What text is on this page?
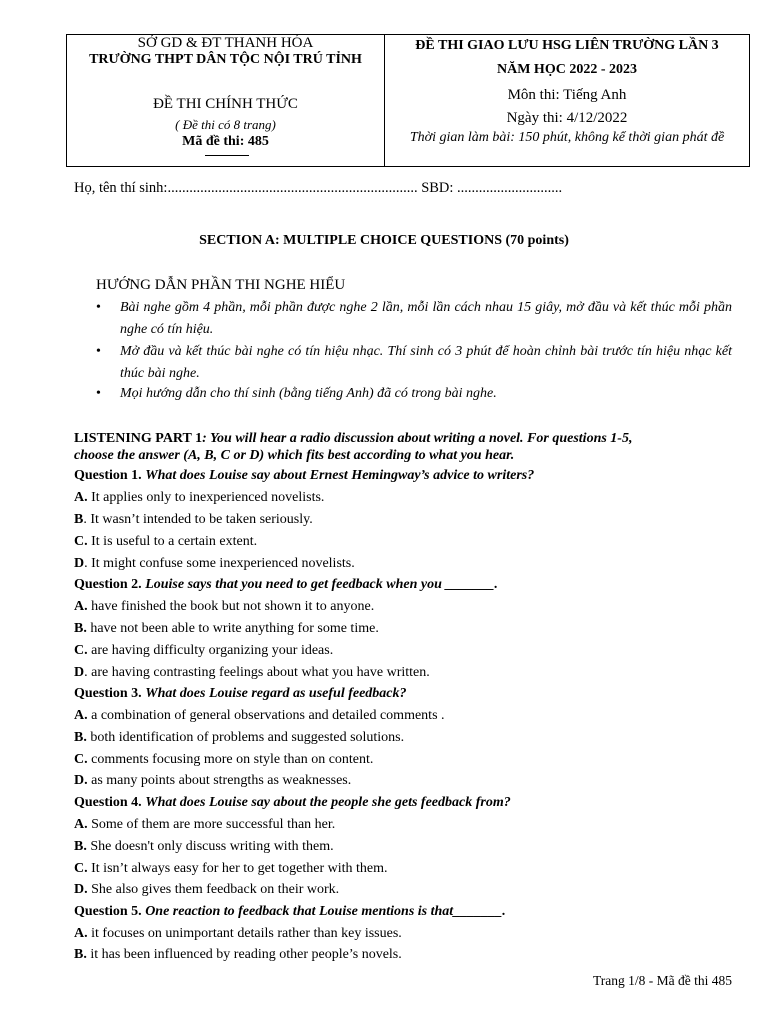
SỞ GD & ĐT THANH HÓA
TRƯỜNG THPT DÂN TỘC NỘI TRÚ TỈNH
ĐỀ THI CHÍNH THỨC
( Đề thi có 8 trang)
Mã đề thi: 485
ĐỀ THI GIAO LƯU HSG LIÊN TRƯỜNG LẦN 3
NĂM HỌC 2022 - 2023
Môn thi: Tiếng Anh
Ngày thi: 4/12/2022
Thời gian làm bài: 150 phút, không kể thời gian phát đề
Họ, tên thí sinh:..................................................................... SBD: .............................
SECTION A: MULTIPLE CHOICE QUESTIONS (70 points)
HƯỚNG DẪN PHẦN THI NGHE HIỂU
•	Bài nghe gồm 4 phần, mỗi phần được nghe 2 lần, mỗi lần cách nhau 15 giây, mở đầu và kết thúc mỗi phần nghe có tín hiệu.
•	Mở đầu và kết thúc bài nghe có tín hiệu nhạc. Thí sinh có 3 phút để hoàn chỉnh bài trước tín hiệu nhạc kết thúc bài nghe.
•	Mọi hướng dẫn cho thí sinh (bằng tiếng Anh) đã có trong bài nghe.
LISTENING PART 1: You will hear a radio discussion about writing a novel. For questions 1-5,
choose the answer (A, B, C or D) which fits best according to what you hear.
Question 1. What does Louise say about Ernest Hemingway’s advice to writers?
A. It applies only to inexperienced novelists.
B. It wasn’t intended to be taken seriously.
C. It is useful to a certain extent.
D. It might confuse some inexperienced novelists.
Question 2. Louise says that you need to get feedback when you _______.
A. have finished the book but not shown it to anyone.
B. have not been able to write anything for some time.
C. are having difficulty organizing your ideas.
D. are having contrasting feelings about what you have written.
Question 3. What does Louise regard as useful feedback?
A. a combination of general observations and detailed comments .
B. both identification of problems and suggested solutions.
C. comments focusing more on style than on content.
D. as many points about strengths as weaknesses.
Question 4. What does Louise say about the people she gets feedback from?
A. Some of them are more successful than her.
B. She doesn't only discuss writing with them.
C. It isn’t always easy for her to get together with them.
D. She also gives them feedback on their work.
Question 5. One reaction to feedback that Louise mentions is that_______.
A. it focuses on unimportant details rather than key issues.
B. it has been influenced by reading other people’s novels.
Trang 1/8 - Mã đề thi 485
